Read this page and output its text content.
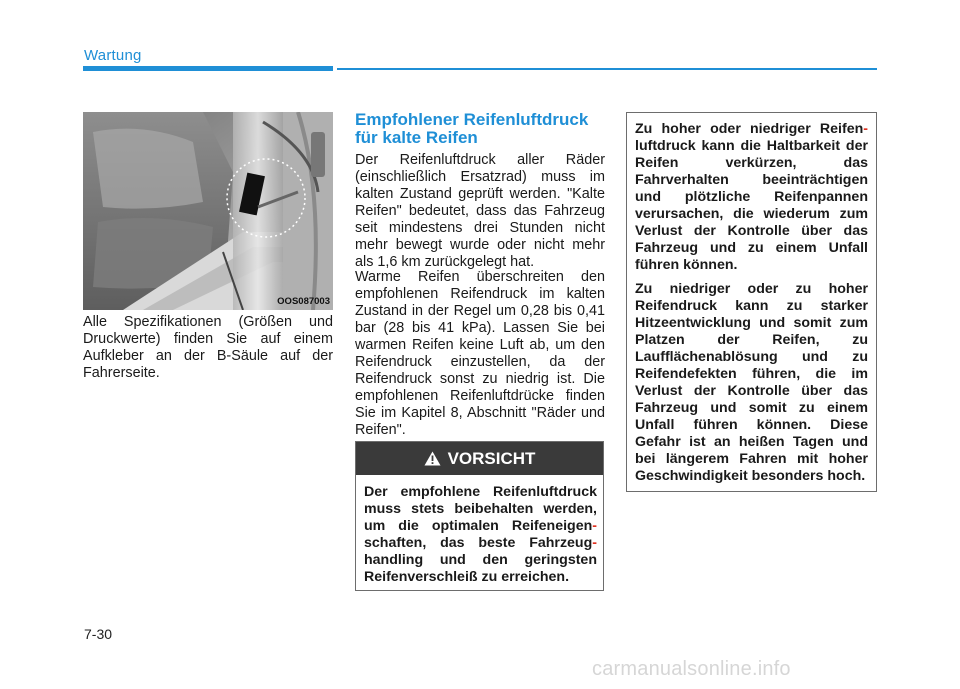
Wartung
OOS087003

Alle Spezifikationen (Größen und Druckwerte) finden Sie auf einem Aufkleber an der B-Säule auf der Fahrerseite.

Empfohlener Reifenluftdruck für kalte Reifen

Der Reifenluftdruck aller Räder (einschließlich Ersatzrad) muss im kalten Zustand geprüft werden. "Kalte Reifen" bedeutet, dass das Fahrzeug seit mindestens drei Stunden nicht mehr bewegt wurde oder nicht mehr als 1,6 km zurückgelegt hat.

Warme Reifen überschreiten den empfohlenen Reifendruck im kalten Zustand in der Regel um 0,28 bis 0,41 bar (28 bis 41 kPa). Lassen Sie bei warmen Reifen keine Luft ab, um den Reifendruck einzustellen, da der Reifendruck sonst zu niedrig ist. Die empfohlenen Reifenluftdrücke finden Sie im Kapitel 8, Abschnitt "Räder und Reifen".

VORSICHT

Der empfohlene Reifenluftdruck muss stets beibehalten werden, um die optimalen Reifeneigen- schaften, das beste Fahrzeug- handling und den geringsten Reifenverschleiß zu erreichen.

Zu hoher oder niedriger Reifen- luftdruck kann die Haltbarkeit der Reifen verkürzen, das Fahrverhalten beeinträchtigen und plötzliche Reifenpannen verursachen, die wiederum zum Verlust der Kontrolle über das Fahrzeug und zu einem Unfall führen können.

Zu niedriger oder zu hoher Reifendruck kann zu starker Hitzeentwicklung und somit zum Platzen der Reifen, zu Laufflächenablösung und zu Reifendefekten führen, die im Verlust der Kontrolle über das Fahrzeug und somit zu einem Unfall führen können. Diese Gefahr ist an heißen Tagen und bei längerem Fahren mit hoher Geschwindigkeit besonders hoch.

7-30
carmanualsonline.info
